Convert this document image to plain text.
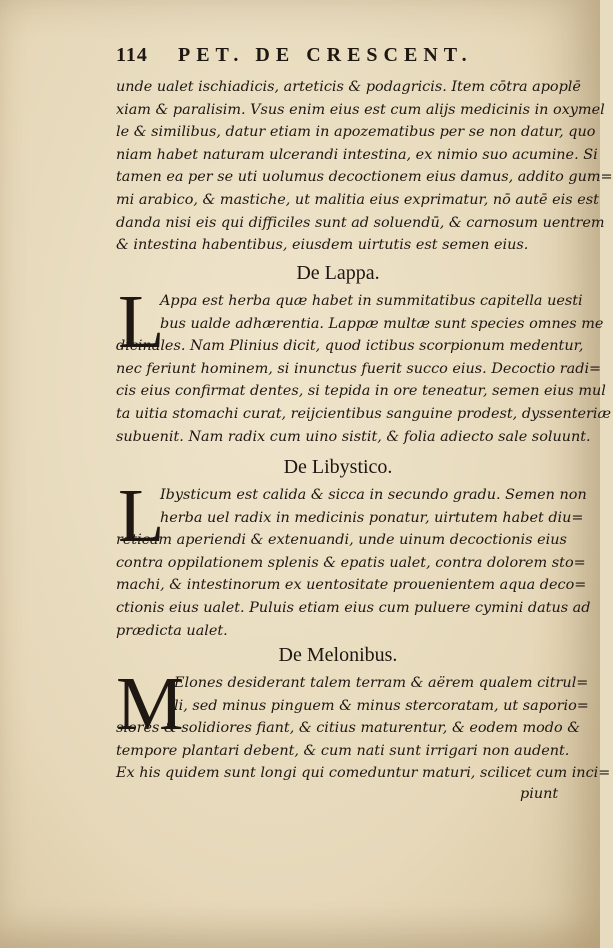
114 PET. DE CRESCENT.
unde ualet ischiadicis, arteticis & podagricis. Item cōtra apoplē
xiam & paralisim. Vsus enim eius est cum alijs medicinis in oxymel
le & similibus, datur etiam in apozematibus per se non datur, quo
niam habet naturam ulcerandi intestina, ex nimio suo acumine. Si
tamen ea per se uti uolumus decoctionem eius damus, addito gum=
mi arabico, & mastiche, ut malitia eius exprimatur, nō autē eis est
danda nisi eis qui difficiles sunt ad soluendū, & carnosum uentrem
& intestina habentibus, eiusdem uirtutis est semen eius.
De Lappa.
L
Appa est herba quæ habet in summitatibus capitella uesti
bus ualde adhærentia. Lappæ multæ sunt species omnes me
dicinales. Nam Plinius dicit, quod ictibus scorpionum medentur,
nec feriunt hominem, si inunctus fuerit succo eius. Decoctio radi=
cis eius confirmat dentes, si tepida in ore teneatur, semen eius mul
ta uitia stomachi curat, reijcientibus sanguine prodest, dyssenteriæ
subuenit. Nam radix cum uino sistit, & folia adiecto sale soluunt.
De Libystico.
L
Ibysticum est calida & sicca in secundo gradu. Semen non
herba uel radix in medicinis ponatur, uirtutem habet diu=
reticam aperiendi & extenuandi, unde uinum decoctionis eius
contra oppilationem splenis & epatis ualet, contra dolorem sto=
machi, & intestinorum ex uentositate prouenientem aqua deco=
ctionis eius ualet. Puluis etiam eius cum puluere cymini datus ad
prædicta ualet.
De Melonibus.
M
Elones desiderant talem terram & aërem qualem citrul=
li, sed minus pinguem & minus stercoratam, ut saporio=
siores & solidiores fiant, & citius maturentur, & eodem modo &
tempore plantari debent, & cum nati sunt irrigari non audent.
Ex his quidem sunt longi qui comeduntur maturi, scilicet cum inci=
piunt
